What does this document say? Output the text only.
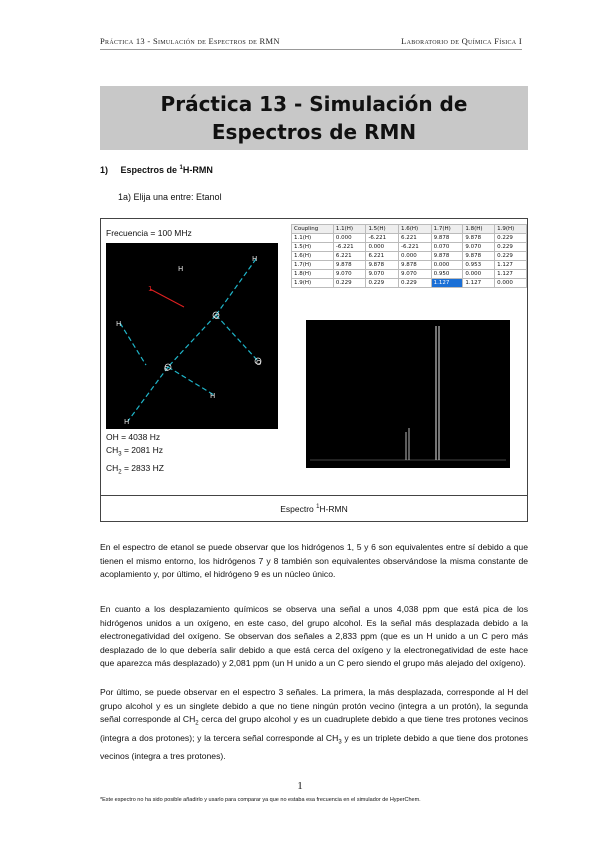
Práctica 13 - Simulación de Espectros de RMN	Laboratorio de Química Física I
Práctica 13 - Simulación de Espectros de RMN
1) Espectros de $^1$H-RMN
1a) Elija una entre: Etanol
Frecuencia = 100 MHz
H
H
H
O
H
H
C
C
1
OH = 4038 Hz
$CH_3 = 2081$ Hz
$CH_2 = 2833$ HZ
Coupling	1.1(H)	1.5(H)	1.6(H)	1.7(H)	1.8(H)	1.9(H)
1.1(H)	0.000	-6.221	6.221	9.878	9.878	0.229
1.5(H)	-6.221	0.000	-6.221	0.070	9.070	0.229
1.6(H)	6.221	6.221	0.000	9.878	9.878	0.229
1.7(H)	9.878	9.878	9.878	0.000	0.953	1.127
1.8(H)	9.070	9.070	9.070	0.950	0.000	1.127
1.9(H)	0.229	0.229	0.229	1.127	1.127	0.000
Espectro $^1$H-RMN

En el espectro de etanol se puede observar que los hidrógenos 1, 5 y 6 son equivalentes entre sí debido a que tienen el mismo entorno, los hidrógenos 7 y 8 también son equivalentes observándose la misma constante de acoplamiento y, por último, el hidrógeno 9 es un núcleo único.

En cuanto a los desplazamiento químicos se observa una señal a unos 4,038 ppm que está pica de los hidrógenos unidos a un oxígeno, en este caso, del grupo alcohol. Es la señal más desplazada debido a la electronegatividad del oxígeno. Se observan dos señales a 2,833 ppm (que es un H unido a un C pero más desplazado de lo que debería salir debido a que está cerca del oxígeno y la electronegatividad de este hace que aparezca más desplazado) y 2,081 ppm (un H unido a un C pero siendo el grupo más alejado del oxígeno).

Por último, se puede observar en el espectro 3 señales. La primera, la más desplazada, corresponde al H del grupo alcohol y es un singlete debido a que no tiene ningún protón vecino (integra a un protón), la segunda señal corresponde al $CH_2$ cerca del grupo alcohol y es un cuadruplete debido a que tiene tres protones vecinos (integra a dos protones); y la tercera señal corresponde al $CH_3$ y es un triplete debido a que tiene dos protones vecinos (integra a tres protones).

1
*Este espectro no ha sido posible añadirlo y usarlo para comparar ya que no estaba esa frecuencia en el simulador de HyperChem.
